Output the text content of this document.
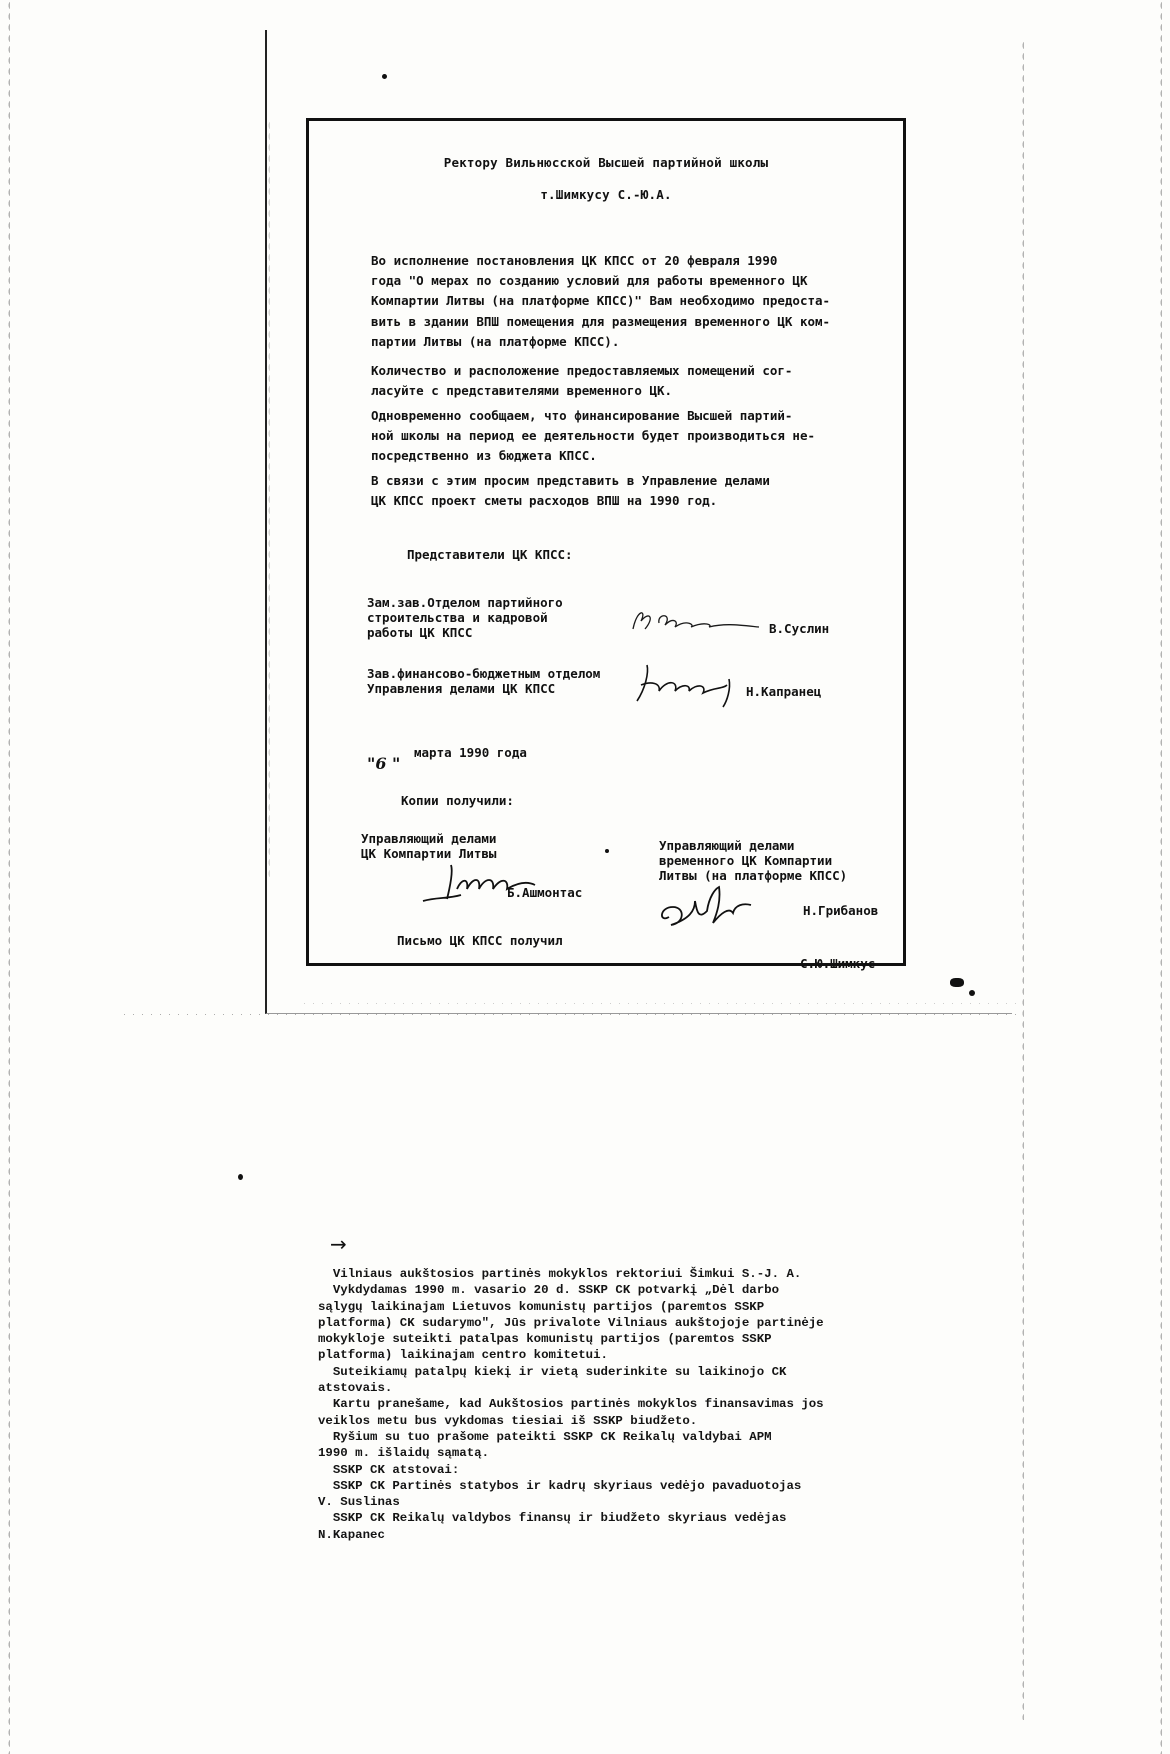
Ректору Вильнюсской Высшей партийной школы
т.Шимкусу С.-Ю.А.
Во исполнение постановления ЦК КПСС от 20 февраля 1990
года "О мерах по созданию условий для работы временного ЦК
Компартии Литвы (на платформе КПСС)" Вам необходимо предоста-
вить в здании ВПШ помещения для размещения временного ЦК ком-
партии Литвы (на платформе КПСС).
Количество и расположение предоставляемых помещений сог-
ласуйте с представителями временного ЦК.
Одновременно сообщаем, что финансирование Высшей партий-
ной школы на период ее деятельности будет производиться не-
посредственно из бюджета КПСС.
В связи с этим просим представить в Управление делами
ЦК КПСС проект сметы расходов ВПШ на 1990 год.
Представители ЦК КПСС:
Зам.зав.Отделом партийного
строительства и кадровой
работы ЦК КПСС	В.Суслин
Зав.финансово-бюджетным отделом
Управления делами ЦК КПСС	Н.Капранец

"6 "

марта 1990 года
Копии получили:
Управляющий делами
ЦК Компартии Литвы
Б.Ашмонтас
Управляющий делами
временного ЦК Компартии
Литвы (на платформе КПСС)
Н.Грибанов
Письмо ЦК КПСС получил
С.Ю.Шимкус
→
Vilniaus aukštosios partinės mokyklos rektoriui Šimkui S.-J. A.
Vykdydamas 1990 m. vasario 20 d. SSKP CK potvarkį „Dėl darbo
sąlygų laikinajam Lietuvos komunistų partijos (paremtos SSKP
platforma) CK sudarymo", Jūs privalote Vilniaus aukštojoje partinėje
mokykloje suteikti patalpas komunistų partijos (paremtos SSKP
platforma) laikinajam centro komitetui.
Suteikiamų patalpų kiekį ir vietą suderinkite su laikinojo CK
atstovais.
Kartu pranešame, kad Aukštosios partinės mokyklos finansavimas jos
veiklos metu bus vykdomas tiesiai iš SSKP biudžeto.
Ryšium su tuo prašome pateikti SSKP CK Reikalų valdybai APM
1990 m. išlaidų sąmatą.
SSKP CK atstovai:
SSKP CK Partinės statybos ir kadrų skyriaus vedėjo pavaduotojas
V. Suslinas
SSKP CK Reikalų valdybos finansų ir biudžeto skyriaus vedėjas
N.Kapanec
